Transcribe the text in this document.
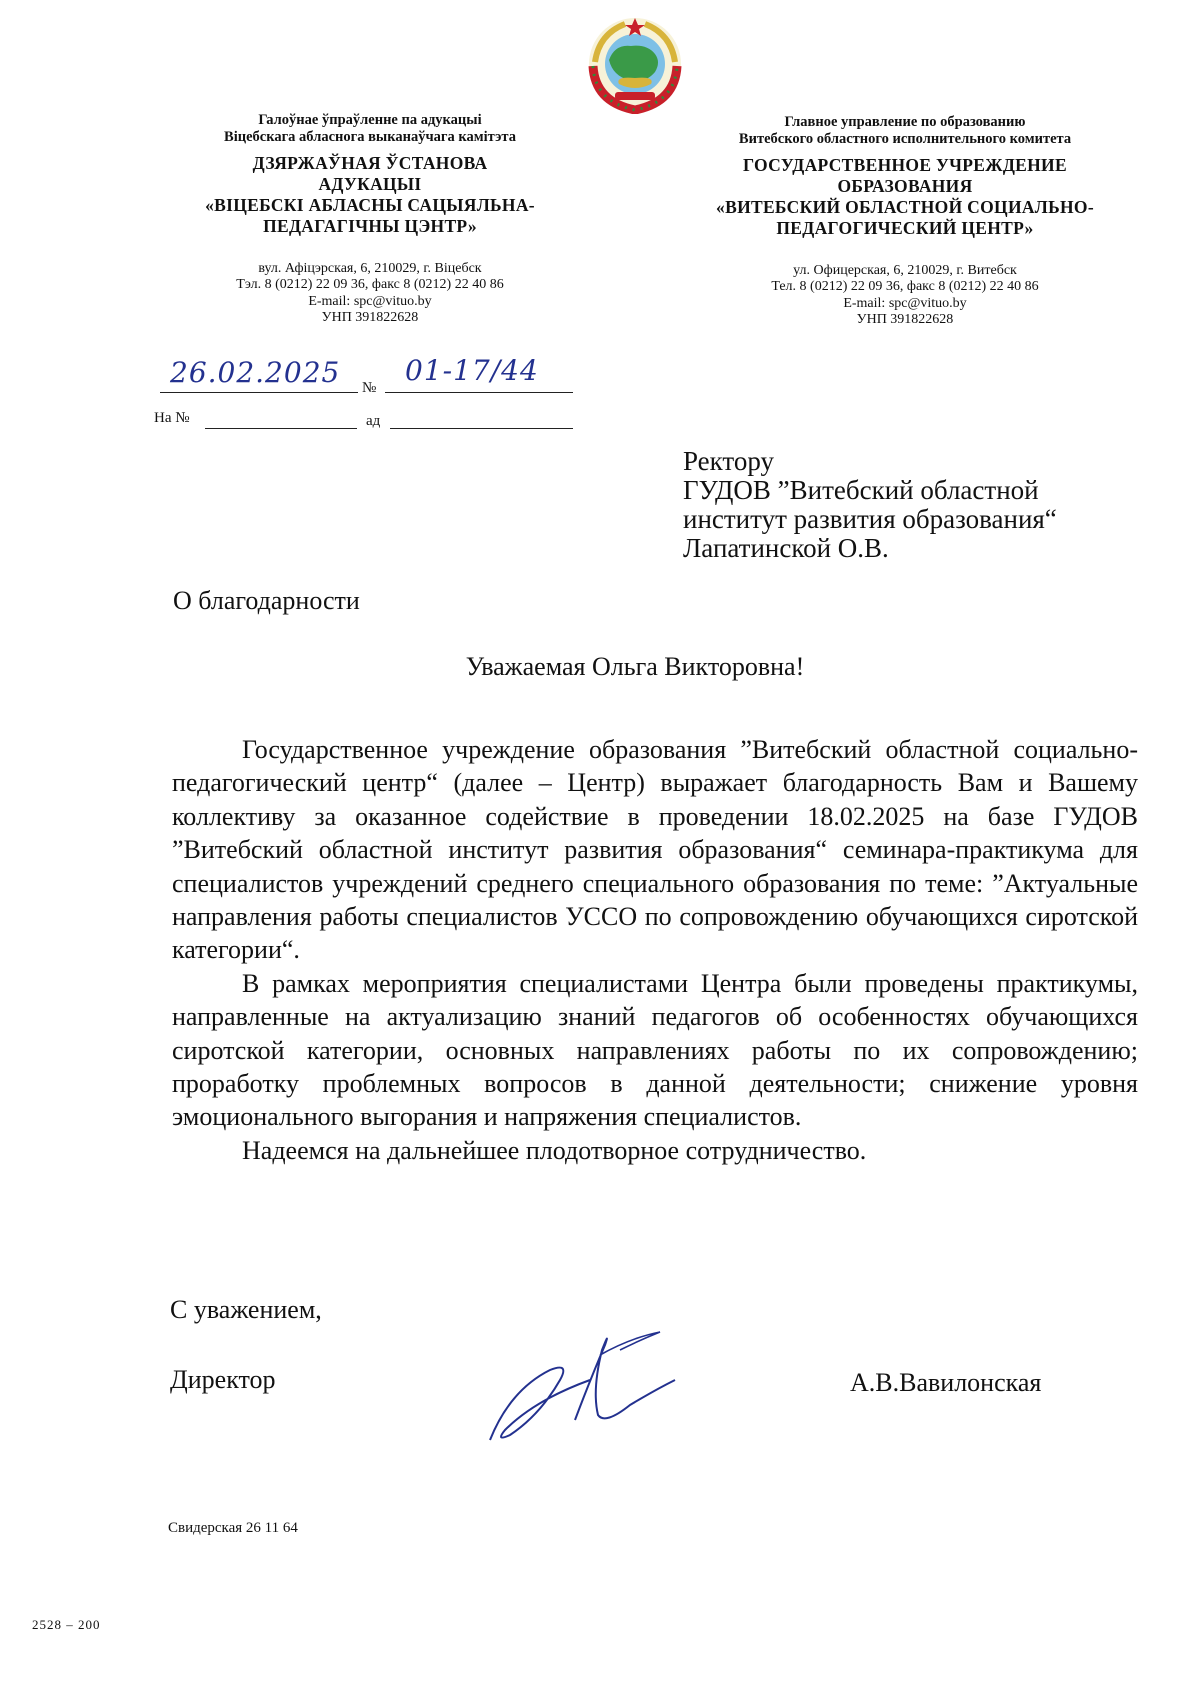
Галоўнае ўпраўленне па адукацыі
Віцебскага абласнога выканаўчага камітэта
ДЗЯРЖАЎНАЯ ЎСТАНОВА
АДУКАЦЫІ
«ВІЦЕБСКІ АБЛАСНЫ САЦЫЯЛЬНА-
ПЕДАГАГІЧНЫ ЦЭНТР»
вул. Афіцэрская, 6, 210029, г. Віцебск
Тэл. 8 (0212) 22 09 36, факс 8 (0212) 22 40 86
E-mail: spc@vituo.by
УНП 391822628
Главное управление по образованию
Витебского областного исполнительного комитета
ГОСУДАРСТВЕННОЕ УЧРЕЖДЕНИЕ
ОБРАЗОВАНИЯ
«ВИТЕБСКИЙ ОБЛАСТНОЙ СОЦИАЛЬНО-
ПЕДАГОГИЧЕСКИЙ ЦЕНТР»
ул. Офицерская, 6, 210029, г. Витебск
Тел. 8 (0212) 22 09 36, факс 8 (0212) 22 40 86
E-mail: spc@vituo.by
УНП 391822628
26.02.2025 №
01-17/44
На №	ад
Ректору
ГУДОВ ”Витебский областной
институт развития образования“
Лапатинской О.В.
О благодарности
Уважаемая Ольга Викторовна!

Государственное учреждение образования ”Витебский областной социально-педагогический центр“ (далее – Центр) выражает благодарность Вам и Вашему коллективу за оказанное содействие в проведении 18.02.2025 на базе ГУДОВ ”Витебский областной институт развития образования“ семинара-практикума для специалистов учреждений среднего специального образования по теме: ”Актуальные направления работы специалистов УССО по сопровождению обучающихся сиротской категории“.

В рамках мероприятия специалистами Центра были проведены практикумы, направленные на актуализацию знаний педагогов об особенностях обучающихся сиротской категории, основных направлениях работы по их сопровождению; проработку проблемных вопросов в данной деятельности; снижение уровня эмоционального выгорания и напряжения специалистов.

Надеемся на дальнейшее плодотворное сотрудничество.

С уважением,
Директор	А.В.Вавилонская
Свидерская 26 11 64
2528 – 200
